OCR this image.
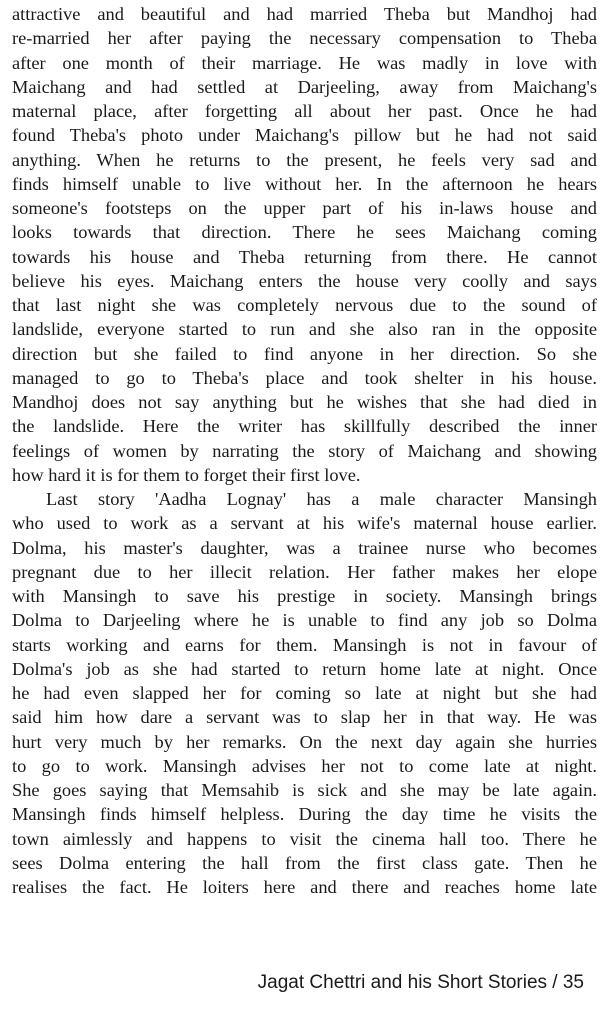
attractive and beautiful and had married Theba but Mandhoj had
re-married her after paying the necessary compensation to Theba
after one month of their marriage. He was madly in love with
Maichang and had settled at Darjeeling, away from Maichang's
maternal place, after forgetting all about her past. Once he had
found Theba's photo under Maichang's pillow but he had not said
anything. When he returns to the present, he feels very sad and
finds himself unable to live without her. In the afternoon he hears
someone's footsteps on the upper part of his in-laws house and
looks towards that direction. There he sees Maichang coming
towards his house and Theba returning from there. He cannot
believe his eyes. Maichang enters the house very coolly and says
that last night she was completely nervous due to the sound of
landslide, everyone started to run and she also ran in the opposite
direction but she failed to find anyone in her direction. So she
managed to go to Theba's place and took shelter in his house.
Mandhoj does not say anything but he wishes that she had died in
the landslide. Here the writer has skillfully described the inner
feelings of women by narrating the story of Maichang and showing
how hard it is for them to forget their first love.
Last story 'Aadha Lognay' has a male character Mansingh
who used to work as a servant at his wife's maternal house earlier.
Dolma, his master's daughter, was a trainee nurse who becomes
pregnant due to her illecit relation. Her father makes her elope
with Mansingh to save his prestige in society. Mansingh brings
Dolma to Darjeeling where he is unable to find any job so Dolma
starts working and earns for them. Mansingh is not in favour of
Dolma's job as she had started to return home late at night. Once
he had even slapped her for coming so late at night but she had
said him how dare a servant was to slap her in that way. He was
hurt very much by her remarks. On the next day again she hurries
to go to work. Mansingh advises her not to come late at night.
She goes saying that Memsahib is sick and she may be late again.
Mansingh finds himself helpless. During the day time he visits the
town aimlessly and happens to visit the cinema hall too. There he
sees Dolma entering the hall from the first class gate. Then he
realises the fact. He loiters here and there and reaches home late
Jagat Chettri and his Short Stories / 35
